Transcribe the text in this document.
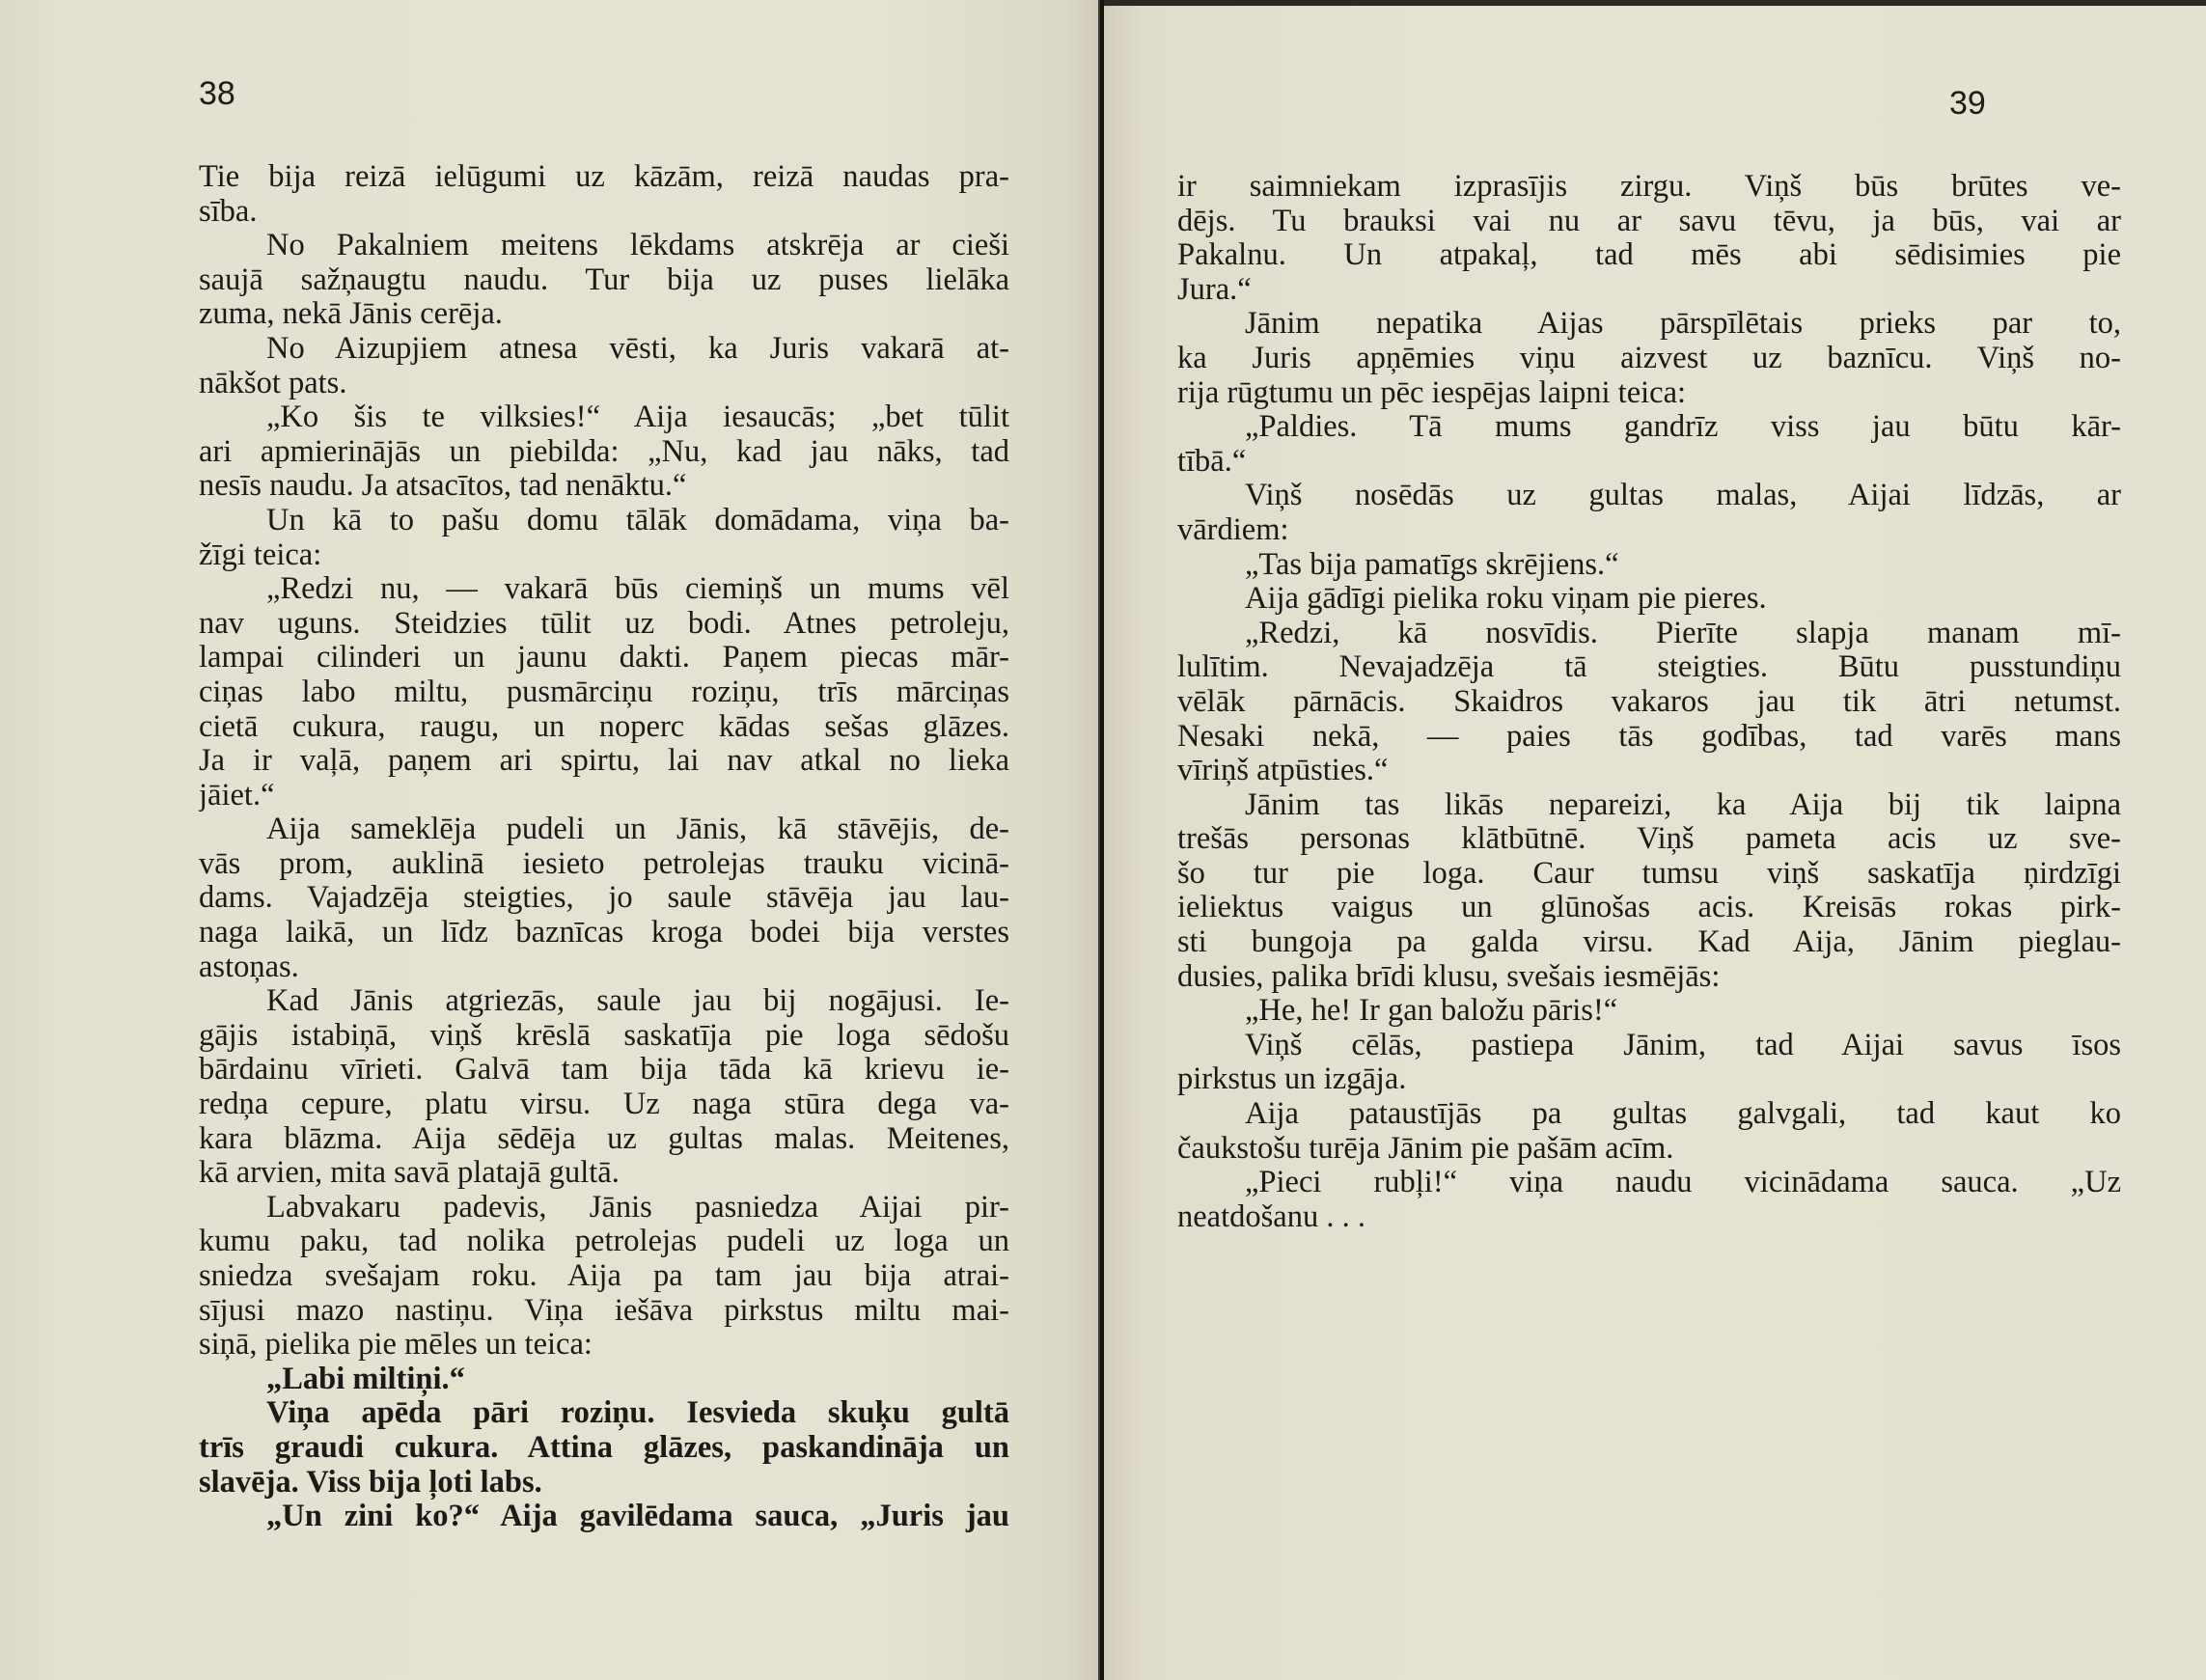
38
Tie bija reizā ielūgumi uz kāzām, reizā naudas pra-
sība.
No Pakalniem meitens lēkdams atskrēja ar cieši
saujā sažņaugtu naudu. Tur bija uz puses lielāka
zuma, nekā Jānis cerēja.
No Aizupjiem atnesa vēsti, ka Juris vakarā at-
nākšot pats.
„Ko šis te vilksies!“ Aija iesaucās; „bet tūlit
ari apmierinājās un piebilda: „Nu, kad jau nāks, tad
nesīs naudu. Ja atsacītos, tad nenāktu.“
Un kā to pašu domu tālāk domādama, viņa ba-
žīgi teica:
„Redzi nu, — vakarā būs ciemiņš un mums vēl
nav uguns. Steidzies tūlit uz bodi. Atnes petroleju,
lampai cilinderi un jaunu dakti. Paņem piecas mār-
ciņas labo miltu, pusmārciņu roziņu, trīs mārciņas
cietā cukura, raugu, un noperc kādas sešas glāzes.
Ja ir vaļā, paņem ari spirtu, lai nav atkal no lieka
jāiet.“
Aija sameklēja pudeli un Jānis, kā stāvējis, de-
vās prom, auklinā iesieto petrolejas trauku vicinā-
dams. Vajadzēja steigties, jo saule stāvēja jau lau-
naga laikā, un līdz baznīcas kroga bodei bija verstes
astoņas.
Kad Jānis atgriezās, saule jau bij nogājusi. Ie-
gājis istabiņā, viņš krēslā saskatīja pie loga sēdošu
bārdainu vīrieti. Galvā tam bija tāda kā krievu ie-
redņa cepure, platu virsu. Uz naga stūra dega va-
kara blāzma. Aija sēdēja uz gultas malas. Meitenes,
kā arvien, mita savā platajā gultā.
Labvakaru padevis, Jānis pasniedza Aijai pir-
kumu paku, tad nolika petrolejas pudeli uz loga un
sniedza svešajam roku. Aija pa tam jau bija atrai-
sījusi mazo nastiņu. Viņa iešāva pirkstus miltu mai-
siņā, pielika pie mēles un teica:
„Labi miltiņi.“
Viņa apēda pāri roziņu. Iesvieda skuķu gultā
trīs graudi cukura. Attina glāzes, paskandināja un
slavēja. Viss bija ļoti labs.
„Un zini ko?“ Aija gavilēdama sauca, „Juris jau
39
ir saimniekam izprasījis zirgu. Viņš būs brūtes ve-
dējs. Tu brauksi vai nu ar savu tēvu, ja būs, vai ar
Pakalnu. Un atpakaļ, tad mēs abi sēdisimies pie
Jura.“
Jānim nepatika Aijas pārspīlētais prieks par to,
ka Juris apņēmies viņu aizvest uz baznīcu. Viņš no-
rija rūgtumu un pēc iespējas laipni teica:
„Paldies. Tā mums gandrīz viss jau būtu kār-
tībā.“
Viņš nosēdās uz gultas malas, Aijai līdzās, ar
vārdiem:
„Tas bija pamatīgs skrējiens.“
Aija gādīgi pielika roku viņam pie pieres.
„Redzi, kā nosvīdis. Pierīte slapja manam mī-
lulītim. Nevajadzēja tā steigties. Būtu pusstundiņu
vēlāk pārnācis. Skaidros vakaros jau tik ātri netumst.
Nesaki nekā, — paies tās godības, tad varēs mans
vīriņš atpūsties.“
Jānim tas likās nepareizi, ka Aija bij tik laipna
trešās personas klātbūtnē. Viņš pameta acis uz sve-
šo tur pie loga. Caur tumsu viņš saskatīja ņirdzīgi
ieliektus vaigus un glūnošas acis. Kreisās rokas pirk-
sti bungoja pa galda virsu. Kad Aija, Jānim pieglau-
dusies, palika brīdi klusu, svešais iesmējās:
„He, he! Ir gan baložu pāris!“
Viņš cēlās, pastiepa Jānim, tad Aijai savus īsos
pirkstus un izgāja.
Aija pataustījās pa gultas galvgali, tad kaut ko
čaukstošu turēja Jānim pie pašām acīm.
„Pieci rubļi!“ viņa naudu vicinādama sauca. „Uz
neatdošanu . . .
